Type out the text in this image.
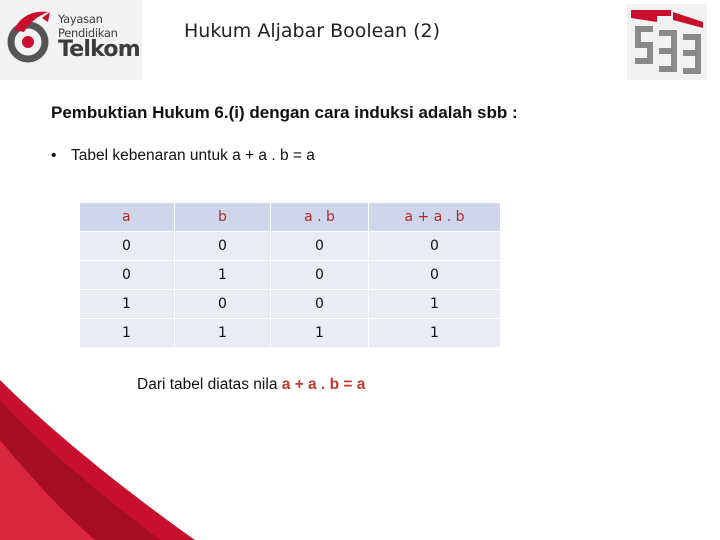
Yayasan
Pendidikan
Telkom
Hukum Aljabar Boolean (2)
Pembuktian Hukum 6.(i) dengan cara induksi adalah sbb :
• Tabel kebenaran untuk a + a . b = a
a	b	a . b	a + a . b
0	0	0	0
0	1	0	0
1	0	0	1
1	1	1	1
Dari tabel diatas nila a + a . b = a
